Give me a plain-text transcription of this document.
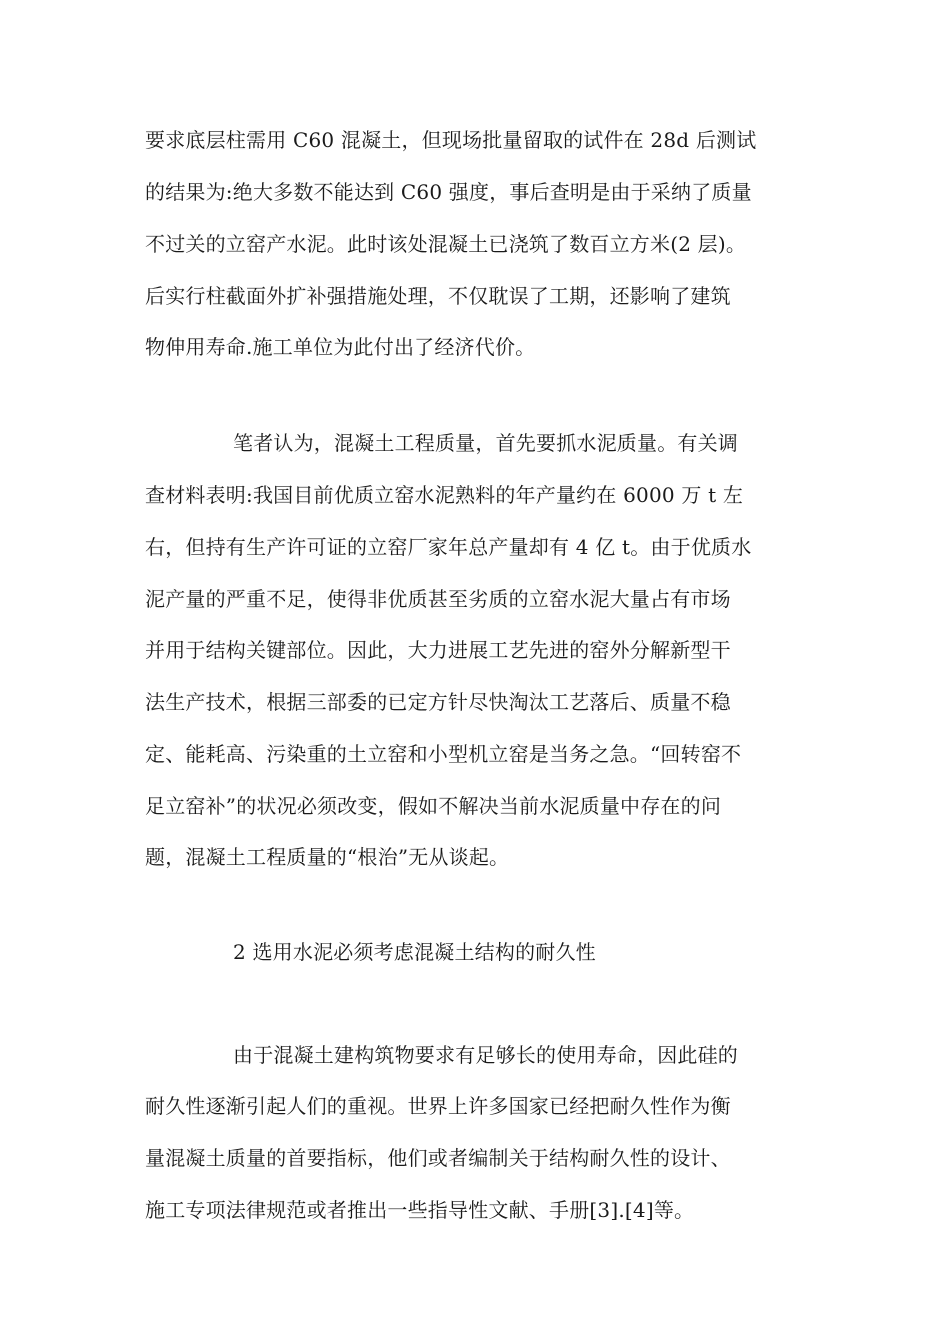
要求底层柱需用 C60 混凝土，但现场批量留取的试件在 28d 后测试
的结果为:绝大多数不能达到 C60 强度，事后查明是由于采纳了质量
不过关的立窑产水泥。此时该处混凝土已浇筑了数百立方米(2 层)。
后实行柱截面外扩补强措施处理，不仅耽误了工期，还影响了建筑
物伸用寿命.施工单位为此付出了经济代价。
笔者认为，混凝土工程质量，首先要抓水泥质量。有关调
查材料表明:我国目前优质立窑水泥熟料的年产量约在 6000 万 t 左
右，但持有生产许可证的立窑厂家年总产量却有 4 亿 t。由于优质水
泥产量的严重不足，使得非优质甚至劣质的立窑水泥大量占有市场
并用于结构关键部位。因此，大力进展工艺先进的窑外分解新型干
法生产技术，根据三部委的已定方针尽快淘汰工艺落后、质量不稳
定、能耗高、污染重的土立窑和小型机立窑是当务之急。“回转窑不
足立窑补”的状况必须改变，假如不解决当前水泥质量中存在的问
题，混凝土工程质量的“根治”无从谈起。
2 选用水泥必须考虑混凝土结构的耐久性
由于混凝土建构筑物要求有足够长的使用寿命，因此硅的
耐久性逐渐引起人们的重视。世界上许多国家已经把耐久性作为衡
量混凝土质量的首要指标，他们或者编制关于结构耐久性的设计、
施工专项法律规范或者推出一些指导性文献、手册[3].[4]等。
